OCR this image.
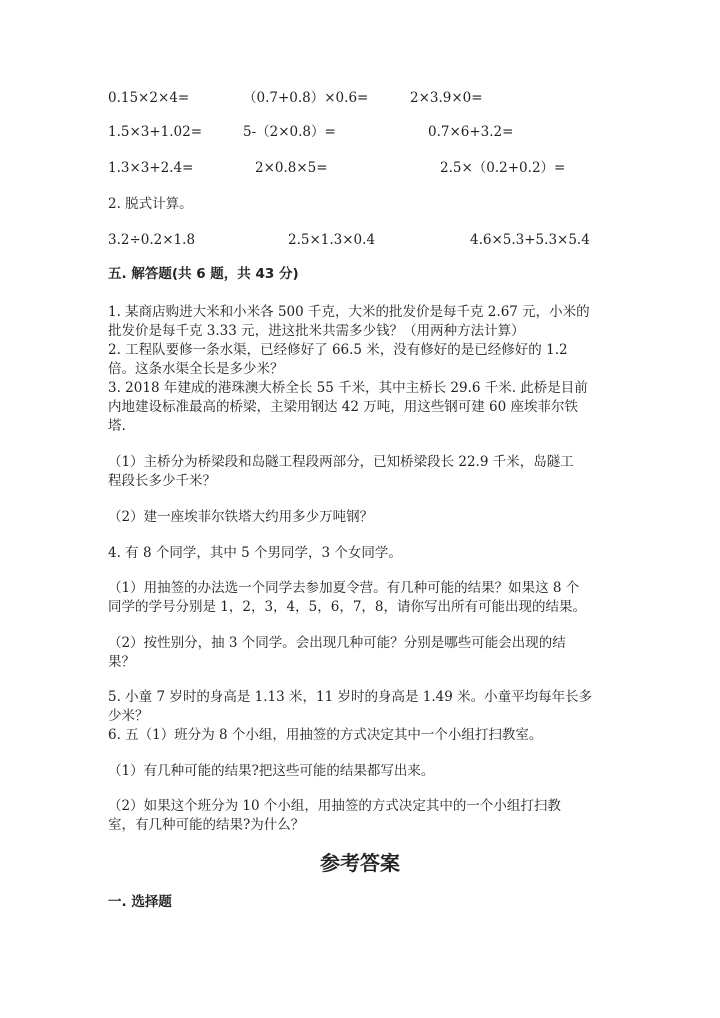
0.15×2×4=	（0.7+0.8）×0.6=	2×3.9×0=
1.5×3+1.02=	5-（2×0.8）=	0.7×6+3.2=
1.3×3+2.4=	2×0.8×5=	2.5×（0.2+0.2）=
2. 脱式计算。
3.2÷0.2×1.8	2.5×1.3×0.4	4.6×5.3+5.3×5.4
五. 解答题(共 6 题，共 43 分)
1. 某商店购进大米和小米各 500 千克，大米的批发价是每千克 2.67 元，小米的
批发价是每千克 3.33 元，进这批米共需多少钱？（用两种方法计算）
2. 工程队要修一条水渠，已经修好了 66.5 米，没有修好的是已经修好的 1.2
倍。这条水渠全长是多少米？
3. 2018 年建成的港珠澳大桥全长 55 千米，其中主桥长 29.6 千米. 此桥是目前
内地建设标准最高的桥梁，主梁用钢达 42 万吨，用这些钢可建 60 座埃菲尔铁
塔.
（1）主桥分为桥梁段和岛隧工程段两部分，已知桥梁段长 22.9 千米，岛隧工
程段长多少千米？
（2）建一座埃菲尔铁塔大约用多少万吨钢？
4. 有 8 个同学，其中 5 个男同学，3 个女同学。
（1）用抽签的办法选一个同学去参加夏令营。有几种可能的结果？如果这 8 个
同学的学号分别是 1，2，3，4，5，6，7，8，请你写出所有可能出现的结果。
（2）按性别分，抽 3 个同学。会出现几种可能？分别是哪些可能会出现的结
果？
5. 小童 7 岁时的身高是 1.13 米，11 岁时的身高是 1.49 米。小童平均每年长多
少米？
6. 五（1）班分为 8 个小组，用抽签的方式决定其中一个小组打扫教室。
（1）有几种可能的结果?把这些可能的结果都写出来。
（2）如果这个班分为 10 个小组，用抽签的方式决定其中的一个小组打扫教
室，有几种可能的结果?为什么？
参考答案
一. 选择题
